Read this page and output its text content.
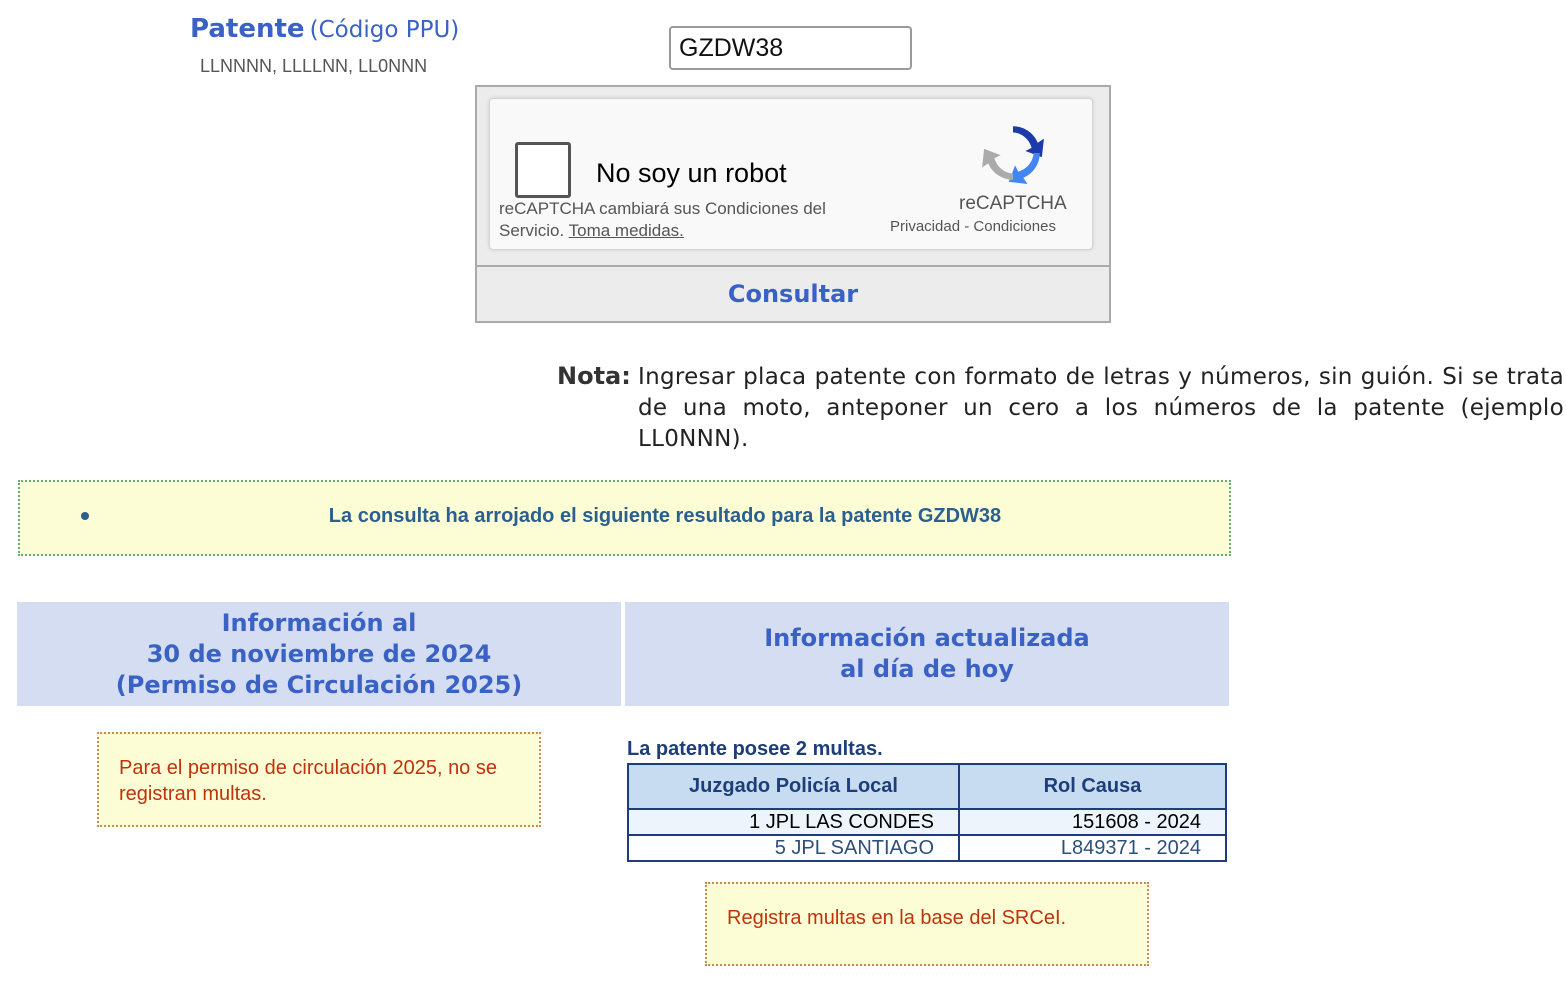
Patente (Código PPU)
LLNNNN, LLLLNN, LL0NNN
GZDW38
No soy un robot
reCAPTCHA cambiará sus Condiciones del Servicio. Toma medidas.
reCAPTCHA
Privacidad - Condiciones
Consultar
Nota: Ingresar placa patente con formato de letras y números, sin guión. Si se trata de una moto, anteponer un cero a los números de la patente (ejemplo LL0NNN).
La consulta ha arrojado el siguiente resultado para la patente GZDW38
Información al
30 de noviembre de 2024
(Permiso de Circulación 2025)
Información actualizada
al día de hoy
Para el permiso de circulación 2025, no se registran multas.
La patente posee 2 multas.
Juzgado Policía Local	Rol Causa
1 JPL LAS CONDES	151608 - 2024
5 JPL SANTIAGO	L849371 - 2024
Registra multas en la base del SRCeI.
